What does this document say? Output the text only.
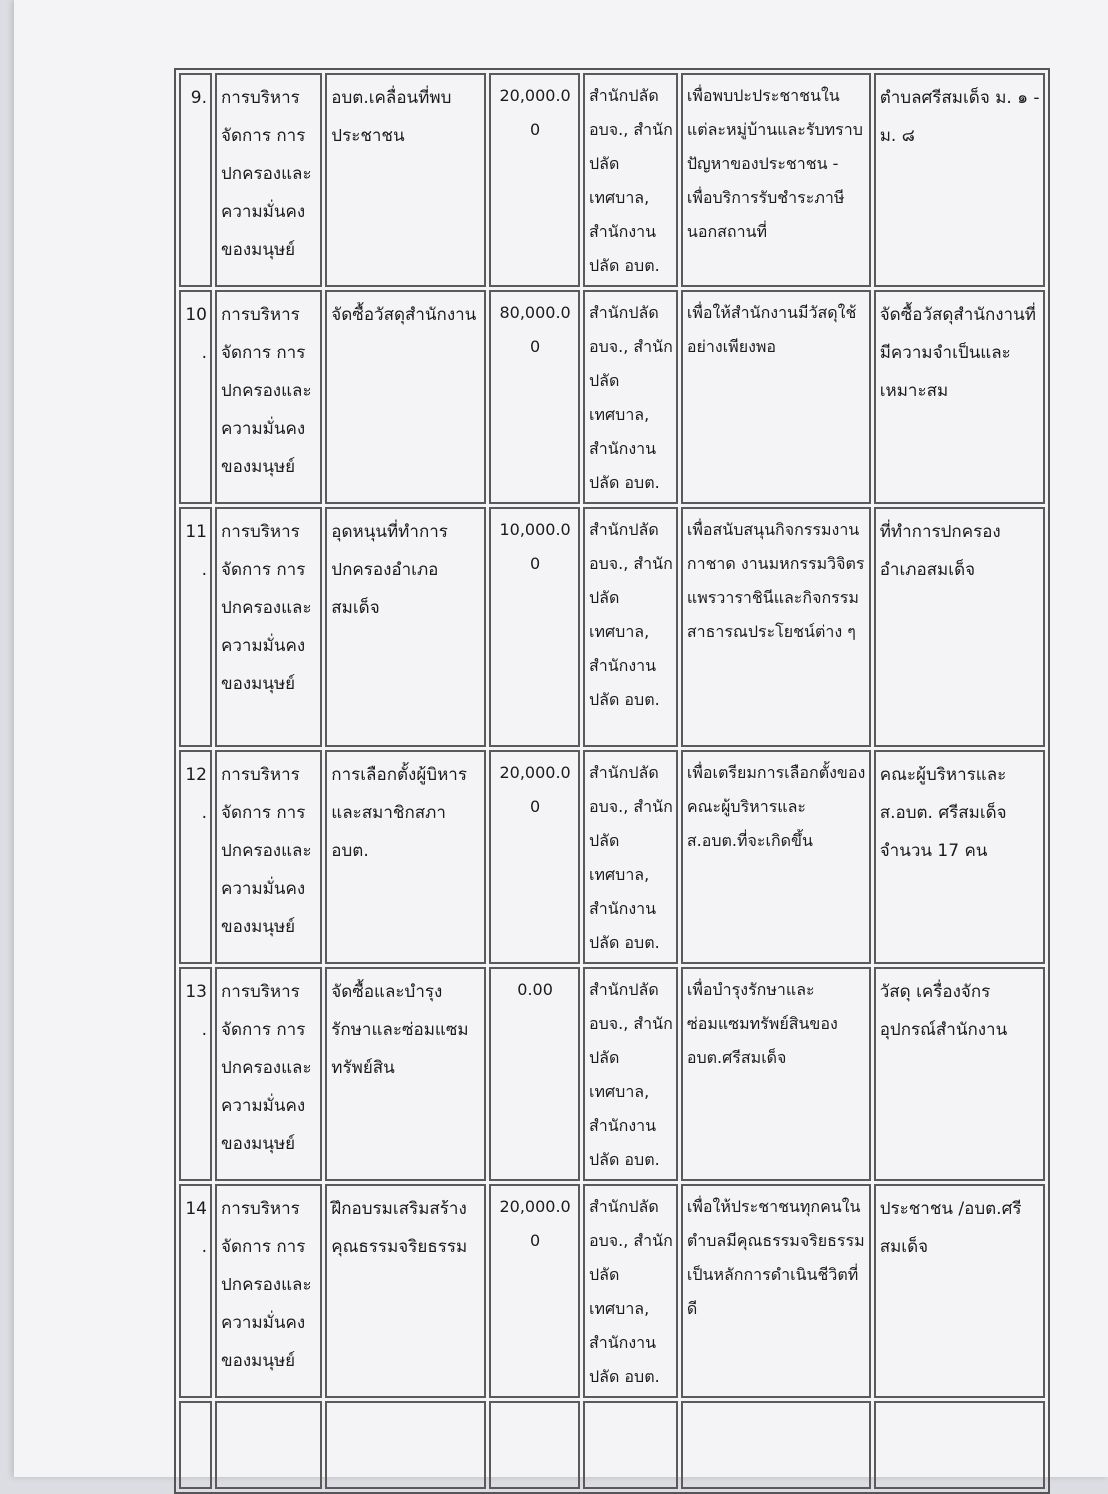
9.	การบริหารจัดการ การปกครองและความมั่นคงของมนุษย์	อบต.เคลื่อนที่พบประชาชน	20,000.00	สำนักปลัดอบจ., สำนักปลัดเทศบาล, สำนักงานปลัด อบต.	เพื่อพบปะประชาชนในแต่ละหมู่บ้านและรับทราบปัญหาของประชาชน - เพื่อบริการรับชำระภาษีนอกสถานที่	ตำบลศรีสมเด็จ ม. ๑ - ม. ๘
10.	การบริหารจัดการ การปกครองและความมั่นคงของมนุษย์	จัดซื้อวัสดุสำนักงาน	80,000.00	สำนักปลัดอบจ., สำนักปลัดเทศบาล, สำนักงานปลัด อบต.	เพื่อให้สำนักงานมีวัสดุใช้อย่างเพียงพอ	จัดซื้อวัสดุสำนักงานที่มีความจำเป็นและเหมาะสม
11.	การบริหารจัดการ การปกครองและความมั่นคงของมนุษย์	อุดหนุนที่ทำการปกครองอำเภอสมเด็จ	10,000.00	สำนักปลัดอบจ., สำนักปลัดเทศบาล, สำนักงานปลัด อบต.	เพื่อสนับสนุนกิจกรรมงานกาชาด งานมหกรรมวิจิตรแพรวาราชินีและกิจกรรมสาธารณประโยชน์ต่าง ๆ	ที่ทำการปกครองอำเภอสมเด็จ
12.	การบริหารจัดการ การปกครองและความมั่นคงของมนุษย์	การเลือกตั้งผู้บิหารและสมาชิกสภา อบต.	20,000.00	สำนักปลัดอบจ., สำนักปลัดเทศบาล, สำนักงานปลัด อบต.	เพื่อเตรียมการเลือกตั้งของคณะผู้บริหารและส.อบต.ที่จะเกิดขึ้น	คณะผู้บริหารและส.อบต. ศรีสมเด็จ จำนวน 17 คน
13.	การบริหารจัดการ การปกครองและความมั่นคงของมนุษย์	จัดซื้อและบำรุงรักษาและซ่อมแซมทรัพย์สิน	0.00	สำนักปลัดอบจ., สำนักปลัดเทศบาล, สำนักงานปลัด อบต.	เพื่อบำรุงรักษาและซ่อมแซมทรัพย์สินของ อบต.ศรีสมเด็จ	วัสดุ เครื่องจักร อุปกรณ์สำนักงาน
14.	การบริหารจัดการ การปกครองและความมั่นคงของมนุษย์	ฝึกอบรมเสริมสร้างคุณธรรมจริยธรรม	20,000.00	สำนักปลัดอบจ., สำนักปลัดเทศบาล, สำนักงานปลัด อบต.	เพื่อให้ประชาชนทุกคนในตำบลมีคุณธรรมจริยธรรมเป็นหลักการดำเนินชีวิตที่ดี	ประชาชน /อบต.ศรีสมเด็จ
